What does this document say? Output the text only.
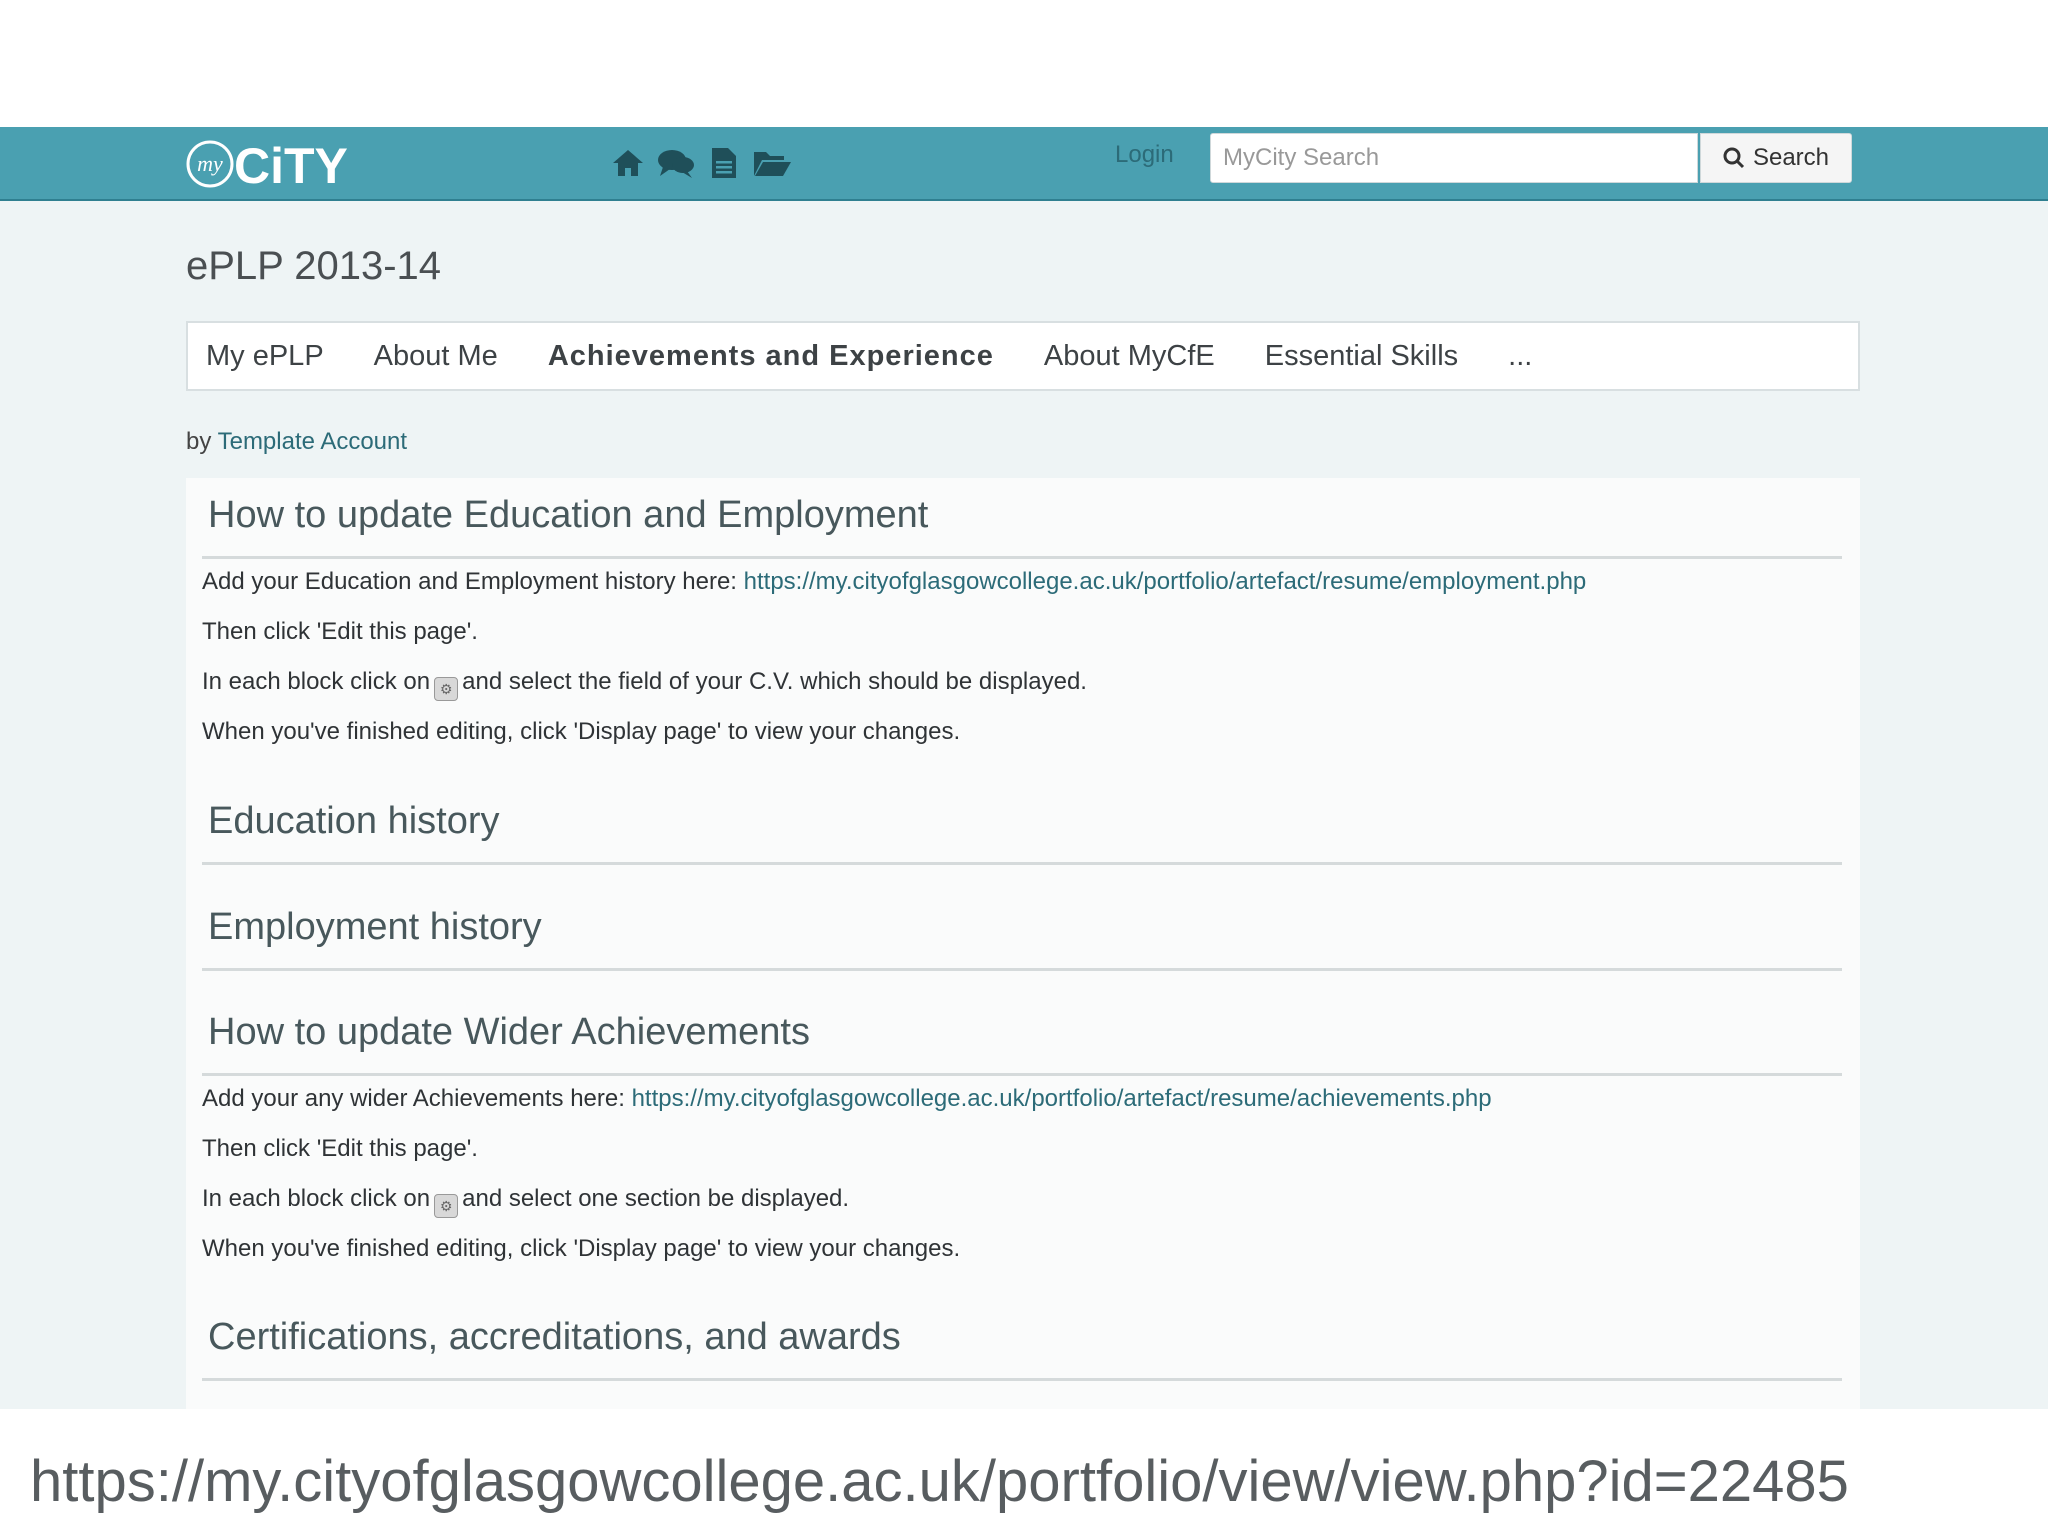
my CiTY	Login	MyCity Search	Search
ePLP 2013-14
My ePLP About Me Achievements and Experience About MyCfE Essential Skills ...
by Template Account
How to update Education and Employment
Add your Education and Employment history here: https://my.cityofglasgowcollege.ac.uk/portfolio/artefact/resume/employment.php
Then click 'Edit this page'.
In each block click on ⚙ and select the field of your C.V. which should be displayed.
When you've finished editing, click 'Display page' to view your changes.
Education history
Employment history
How to update Wider Achievements
Add your any wider Achievements here: https://my.cityofglasgowcollege.ac.uk/portfolio/artefact/resume/achievements.php
Then click 'Edit this page'.
In each block click on ⚙ and select one section be displayed.
When you've finished editing, click 'Display page' to view your changes.
Certifications, accreditations, and awards
https://my.cityofglasgowcollege.ac.uk/portfolio/view/view.php?id=22485
